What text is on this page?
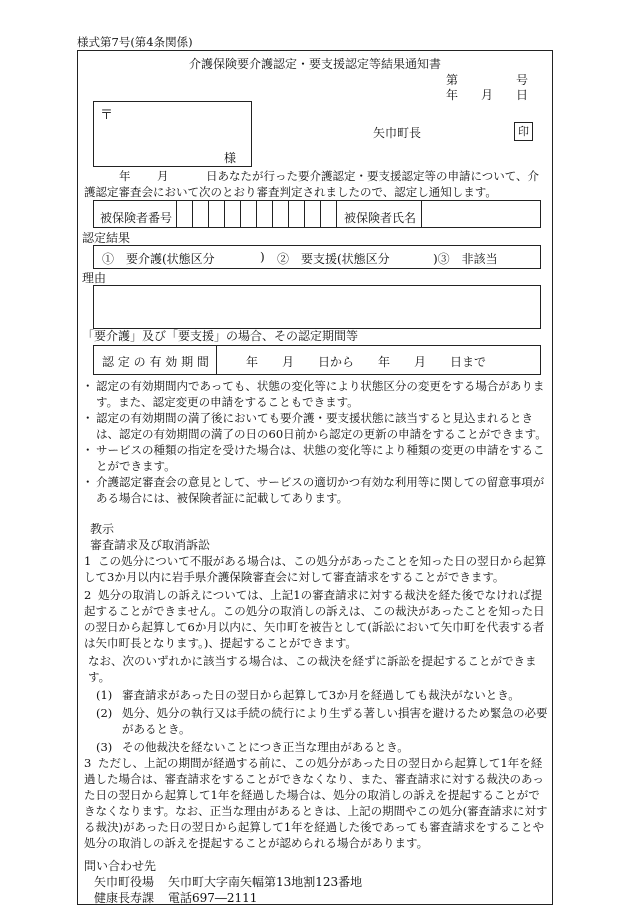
様式第7号(第4条関係)
介護保険要介護認定・要支援認定等結果通知書
第	号
年 月 日
〒
様
矢巾町長	印
年 月	日あなたが行った要介護認定・要支援認定等の申請について、介護認定審査会において次のとおり審査判定されましたので、認定し通知します。
被保険者番号	被保険者氏名
認定結果
①　要介護(状態区分	) ②　要支援(状態区分	)③　非該当
理由
「要介護」及び「要支援」の場合、その認定期間等
認 定 の 有 効 期 間	年 月 日から 年 月 日まで
・ 認定の有効期間内であっても、状態の変化等により状態区分の変更をする場合があります。また、認定変更の申請をすることもできます。
・ 認定の有効期間の満了後においても要介護・要支援状態に該当すると見込まれるときは、認定の有効期間の満了の日の60日前から認定の更新の申請をすることができます。
・ サービスの種類の指定を受けた場合は、状態の変化等により種類の変更の申請をすることができます。
・ 介護認定審査会の意見として、サービスの適切かつ有効な利用等に関しての留意事項がある場合には、被保険者証に記載してあります。
教示
審査請求及び取消訴訟
1 この処分について不服がある場合は、この処分があったことを知った日の翌日から起算して3か月以内に岩手県介護保険審査会に対して審査請求をすることができます。
2 処分の取消しの訴えについては、上記1の審査請求に対する裁決を経た後でなければ提起することができません。この処分の取消しの訴えは、この裁決があったことを知った日の翌日から起算して6か月以内に、矢巾町を被告として(訴訟において矢巾町を代表する者は矢巾町長となります。)、提起することができます。
なお、次のいずれかに該当する場合は、この裁決を経ずに訴訟を提起することができます。
(1) 審査請求があった日の翌日から起算して3か月を経過しても裁決がないとき。
(2) 処分、処分の執行又は手続の続行により生ずる著しい損害を避けるため緊急の必要があるとき。
(3) その他裁決を経ないことにつき正当な理由があるとき。
3 ただし、上記の期間が経過する前に、この処分があった日の翌日から起算して1年を経過した場合は、審査請求をすることができなくなり、また、審査請求に対する裁決のあった日の翌日から起算して1年を経過した場合は、処分の取消しの訴えを提起することができなくなります。なお、正当な理由があるときは、上記の期間やこの処分(審査請求に対する裁決)があった日の翌日から起算して1年を経過した後であっても審査請求をすることや処分の取消しの訴えを提起することが認められる場合があります。
問い合わせ先
矢巾町役場 矢巾町大字南矢幅第13地割123番地
健康長寿課 電話697―2111
